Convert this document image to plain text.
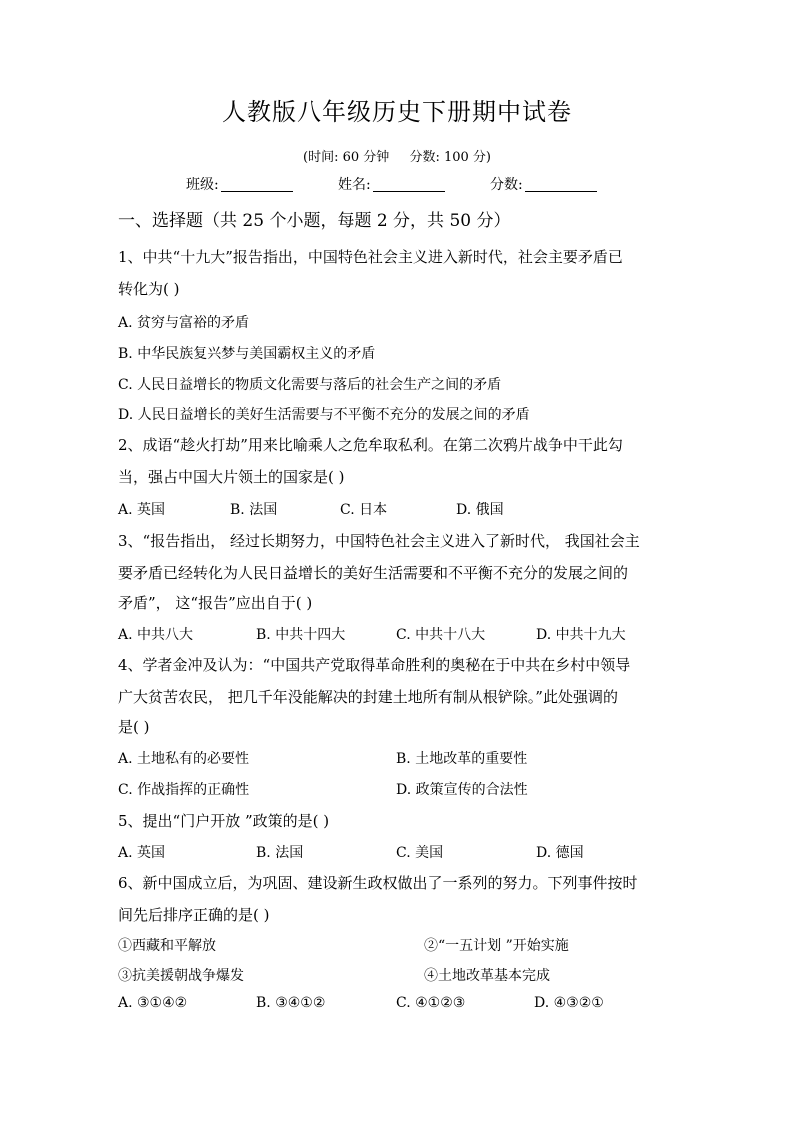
人教版八年级历史下册期中试卷
(时间: 60 分钟 分数: 100 分)
班级:	姓名:	分数:
一、选择题（共 25 个小题，每题 2 分，共 50 分）
1、中共“十九大”报告指出，中国特色社会主义进入新时代，社会主要矛盾已
转化为( )
A. 贫穷与富裕的矛盾
B. 中华民族复兴梦与美国霸权主义的矛盾
C. 人民日益增长的物质文化需要与落后的社会生产之间的矛盾
D. 人民日益增长的美好生活需要与不平衡不充分的发展之间的矛盾
2、成语“趁火打劫”用来比喻乘人之危牟取私利。在第二次鸦片战争中干此勾
当，强占中国大片领土的国家是( )
A. 英国	B. 法国	C. 日本	D. 俄国
3、“报告指出， 经过长期努力，中国特色社会主义进入了新时代， 我国社会主
要矛盾已经转化为人民日益增长的美好生活需要和不平衡不充分的发展之间的
矛盾”， 这“报告”应出自于( )
A. 中共八大	B. 中共十四大	C. 中共十八大	D. 中共十九大
4、学者金冲及认为：“中国共产党取得革命胜利的奥秘在于中共在乡村中领导
广大贫苦农民， 把几千年没能解决的封建土地所有制从根铲除。”此处强调的
是( )
A. 土地私有的必要性	B. 土地改革的重要性
C. 作战指挥的正确性	D. 政策宣传的合法性
5、提出“门户开放 ”政策的是( )
A. 英国	B. 法国	C. 美国	D. 德国
6、新中国成立后，为巩固、建设新生政权做出了一系列的努力。下列事件按时
间先后排序正确的是( )
①西藏和平解放	②“一五计划 ”开始实施
③抗美援朝战争爆发	④土地改革基本完成
A. ③①④②	B. ③④①②	C. ④①②③	D. ④③②①
